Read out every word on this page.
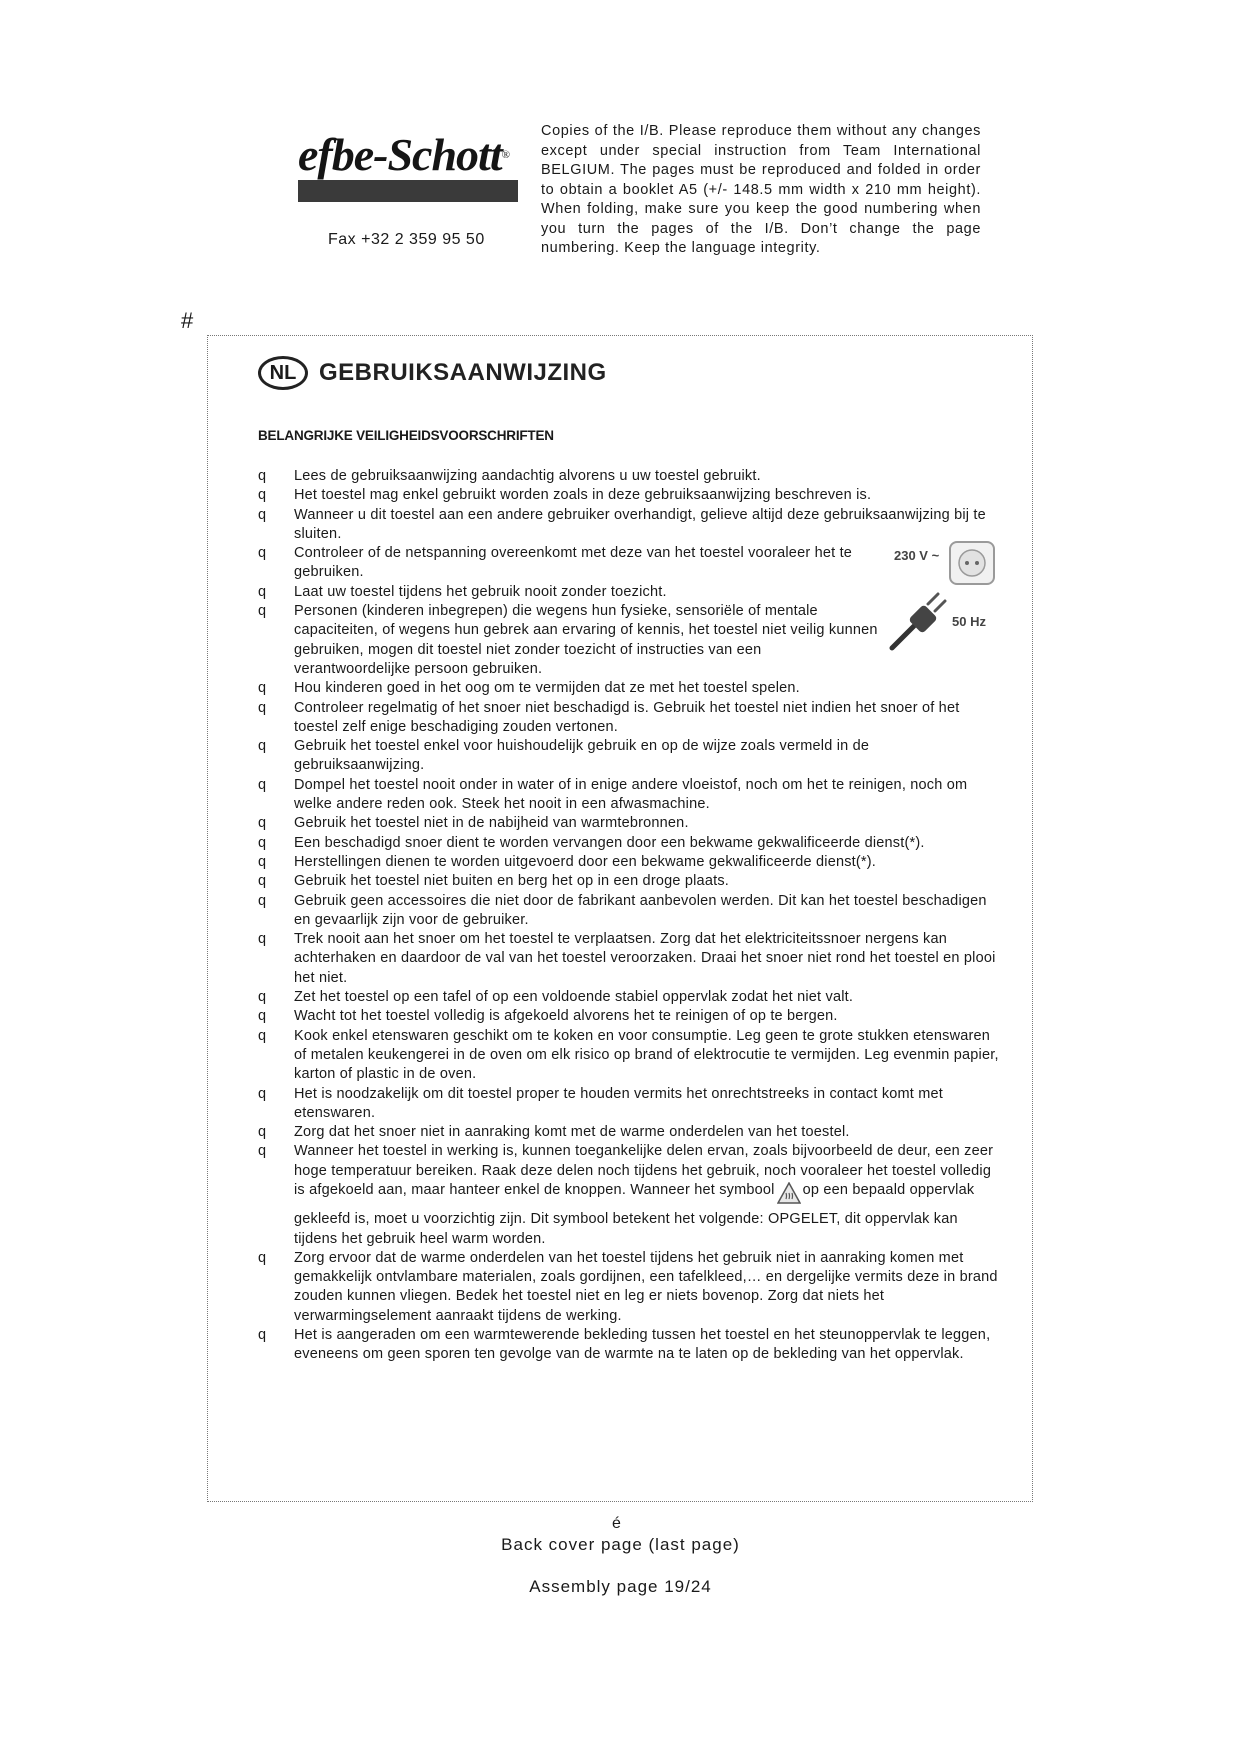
efbe-Schott®
Fax +32 2 359 95 50
Copies of the I/B. Please reproduce them without any changes except under special instruction from Team International BELGIUM. The pages must be reproduced and folded in order to obtain a booklet A5 (+/- 148.5 mm width x 210 mm height). When folding, make sure you keep the good numbering when you turn the pages of the I/B. Don’t change the page numbering. Keep the language integrity.
#
NL GEBRUIKSAANWIJZING
BELANGRIJKE VEILIGHEIDSVOORSCHRIFTEN
q	Lees de gebruiksaanwijzing aandachtig alvorens u uw toestel gebruikt.
q	Het toestel mag enkel gebruikt worden zoals in deze gebruiksaanwijzing beschreven is.
q	Wanneer u dit toestel aan een andere gebruiker overhandigt, gelieve altijd deze gebruiksaanwijzing bij te sluiten.
q	Controleer of de netspanning overeenkomt met deze van het toestel vooraleer het te gebruiken.
q	Laat uw toestel tijdens het gebruik nooit zonder toezicht.
q	Personen (kinderen inbegrepen) die wegens hun fysieke, sensoriële of mentale capaciteiten, of wegens hun gebrek aan ervaring of kennis, het toestel niet veilig kunnen gebruiken, mogen dit toestel niet zonder toezicht of instructies van een verantwoordelijke persoon gebruiken.
q	Hou kinderen goed in het oog om te vermijden dat ze met het toestel spelen.
q	Controleer regelmatig of het snoer niet beschadigd is. Gebruik het toestel niet indien het snoer of het toestel zelf enige beschadiging zouden vertonen.
q	Gebruik het toestel enkel voor huishoudelijk gebruik en op de wijze zoals vermeld in de gebruiksaanwijzing.
q	Dompel het toestel nooit onder in water of in enige andere vloeistof, noch om het te reinigen, noch om welke andere reden ook. Steek het nooit in een afwasmachine.
q	Gebruik het toestel niet in de nabijheid van warmtebronnen.
q	Een beschadigd snoer dient te worden vervangen door een bekwame gekwalificeerde dienst(*).
q	Herstellingen dienen te worden uitgevoerd door een bekwame gekwalificeerde dienst(*).
q	Gebruik het toestel niet buiten en berg het op in een droge plaats.
q	Gebruik geen accessoires die niet door de fabrikant aanbevolen werden. Dit kan het toestel beschadigen en gevaarlijk zijn voor de gebruiker.
q	Trek nooit aan het snoer om het toestel te verplaatsen. Zorg dat het elektriciteitssnoer nergens kan achterhaken en daardoor de val van het toestel veroorzaken. Draai het snoer niet rond het toestel en plooi het niet.
q	Zet het toestel op een tafel of op een voldoende stabiel oppervlak zodat het niet valt.
q	Wacht tot het toestel volledig is afgekoeld alvorens het te reinigen of op te bergen.
q	Kook enkel etenswaren geschikt om te koken en voor consumptie. Leg geen te grote stukken etenswaren of metalen keukengerei in de oven om elk risico op brand of elektrocutie te vermijden. Leg evenmin papier, karton of plastic in de oven.
q	Het is noodzakelijk om dit toestel proper te houden vermits het onrechtstreeks in contact komt met etenswaren.
q	Zorg dat het snoer niet in aanraking komt met de warme onderdelen van het toestel.
q	Wanneer het toestel in werking is, kunnen toegankelijke delen ervan, zoals bijvoorbeeld de deur, een zeer hoge temperatuur bereiken. Raak deze delen noch tijdens het gebruik, noch vooraleer het toestel volledig is afgekoeld aan, maar hanteer enkel de knoppen. Wanneer het symbool op een bepaald oppervlak gekleefd is, moet u voorzichtig zijn. Dit symbool betekent het volgende: OPGELET, dit oppervlak kan tijdens het gebruik heel warm worden.
q	Zorg ervoor dat de warme onderdelen van het toestel tijdens het gebruik niet in aanraking komen met gemakkelijk ontvlambare materialen, zoals gordijnen, een tafelkleed,… en dergelijke vermits deze in brand zouden kunnen vliegen. Bedek het toestel niet en leg er niets bovenop. Zorg dat niets het verwarmingselement aanraakt tijdens de werking.
q	Het is aangeraden om een warmtewerende bekleding tussen het toestel en het steunoppervlak te leggen, eveneens om geen sporen ten gevolge van de warmte na te laten op de bekleding van het oppervlak.
230 V ~
50 Hz
é
Back cover page (last page)
Assembly page 19/24
